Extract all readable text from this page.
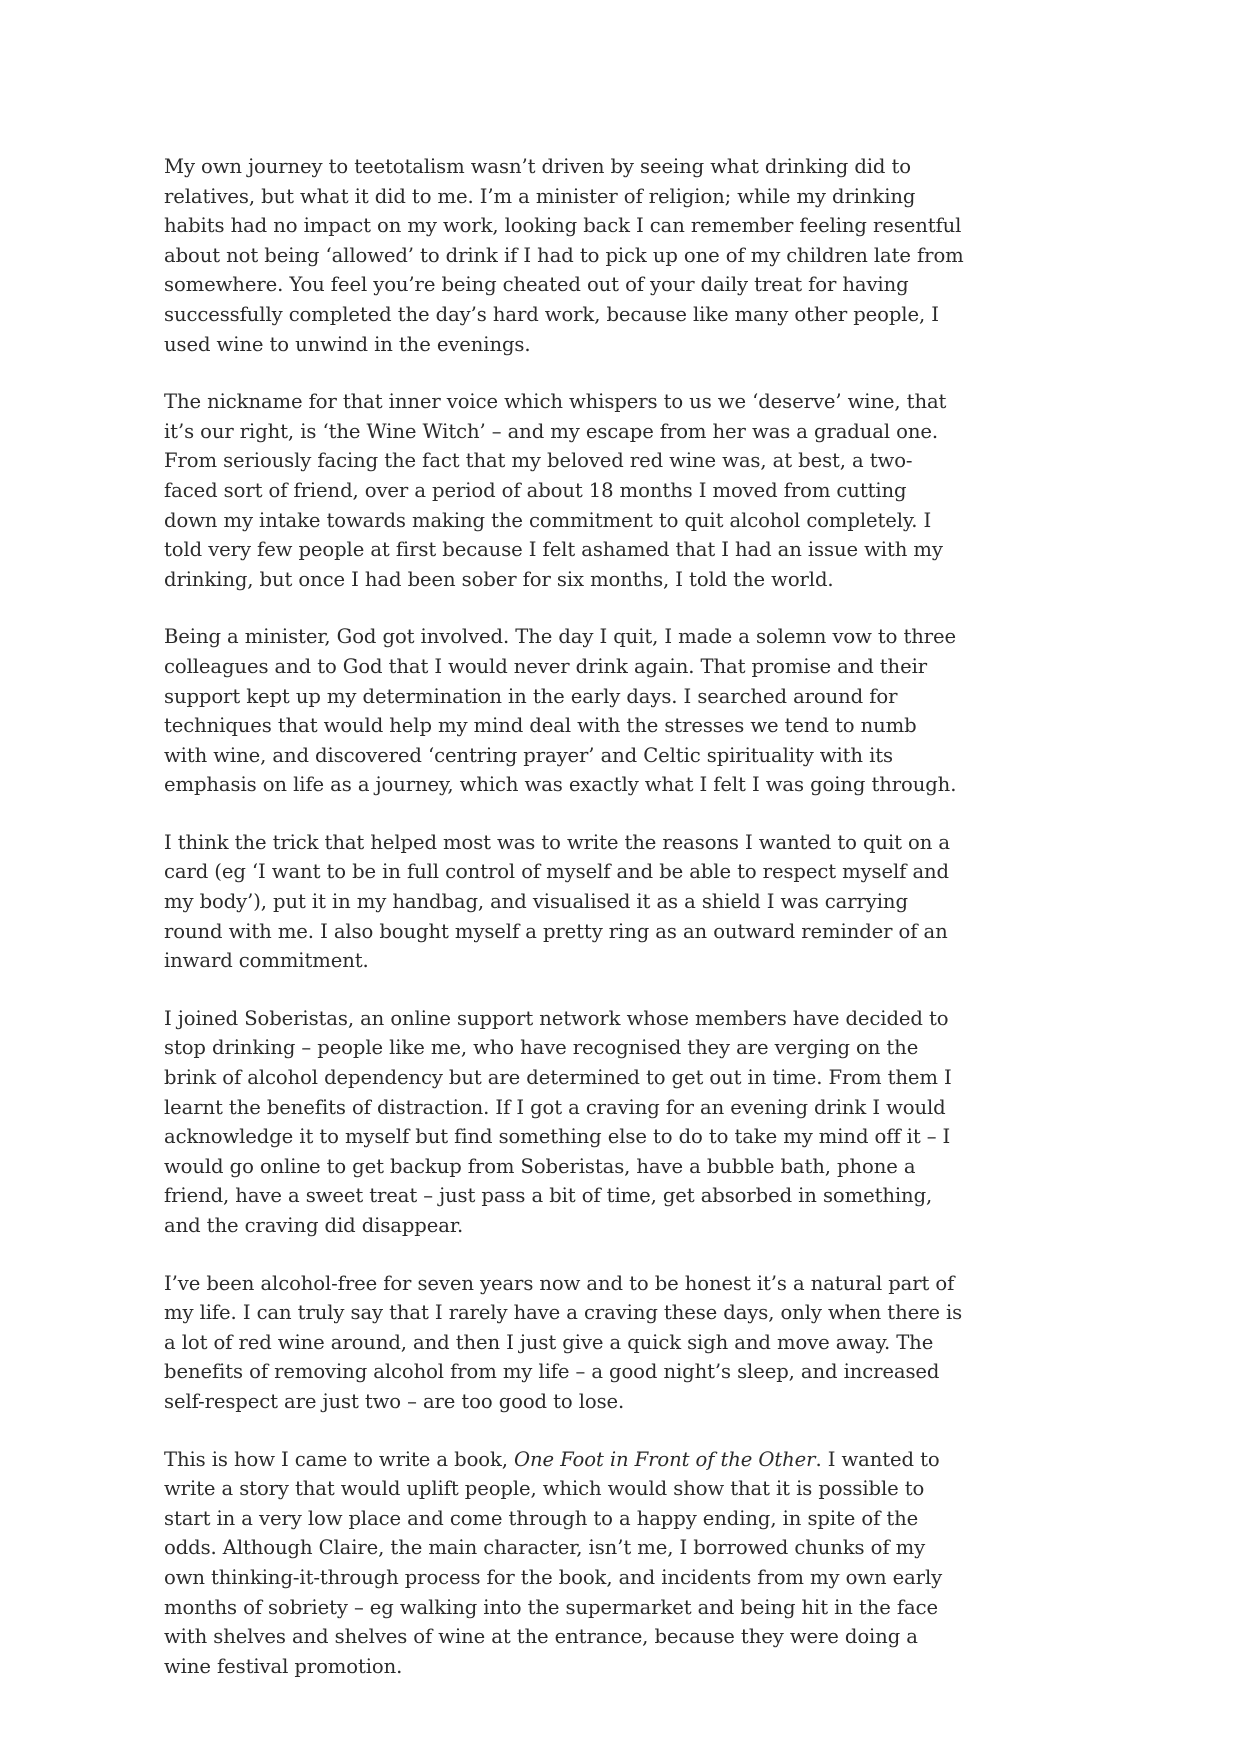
My own journey to teetotalism wasn’t driven by seeing what drinking did to relatives, but what it did to me. I’m a minister of religion; while my drinking habits had no impact on my work, looking back I can remember feeling resentful about not being ‘allowed’ to drink if I had to pick up one of my children late from somewhere. You feel you’re being cheated out of your daily treat for having successfully completed the day’s hard work, because like many other people, I used wine to unwind in the evenings.

The nickname for that inner voice which whispers to us we ‘deserve’ wine, that it’s our right, is ‘the Wine Witch’ – and my escape from her was a gradual one. From seriously facing the fact that my beloved red wine was, at best, a two-faced sort of friend, over a period of about 18 months I moved from cutting down my intake towards making the commitment to quit alcohol completely. I told very few people at first because I felt ashamed that I had an issue with my drinking, but once I had been sober for six months, I told the world.

Being a minister, God got involved. The day I quit, I made a solemn vow to three colleagues and to God that I would never drink again. That promise and their support kept up my determination in the early days. I searched around for techniques that would help my mind deal with the stresses we tend to numb with wine, and discovered ‘centring prayer’ and Celtic spirituality with its emphasis on life as a journey, which was exactly what I felt I was going through.

I think the trick that helped most was to write the reasons I wanted to quit on a card (eg ‘I want to be in full control of myself and be able to respect myself and my body’), put it in my handbag, and visualised it as a shield I was carrying round with me. I also bought myself a pretty ring as an outward reminder of an inward commitment.

I joined Soberistas, an online support network whose members have decided to stop drinking – people like me, who have recognised they are verging on the brink of alcohol dependency but are determined to get out in time. From them I learnt the benefits of distraction. If I got a craving for an evening drink I would acknowledge it to myself but find something else to do to take my mind off it – I would go online to get backup from Soberistas, have a bubble bath, phone a friend, have a sweet treat – just pass a bit of time, get absorbed in something, and the craving did disappear.

I’ve been alcohol-free for seven years now and to be honest it’s a natural part of my life. I can truly say that I rarely have a craving these days, only when there is a lot of red wine around, and then I just give a quick sigh and move away. The benefits of removing alcohol from my life – a good night’s sleep, and increased self-respect are just two – are too good to lose.

This is how I came to write a book, One Foot in Front of the Other. I wanted to write a story that would uplift people, which would show that it is possible to start in a very low place and come through to a happy ending, in spite of the odds. Although Claire, the main character, isn’t me, I borrowed chunks of my own thinking-it-through process for the book, and incidents from my own early months of sobriety – eg walking into the supermarket and being hit in the face with shelves and shelves of wine at the entrance, because they were doing a wine festival promotion.
